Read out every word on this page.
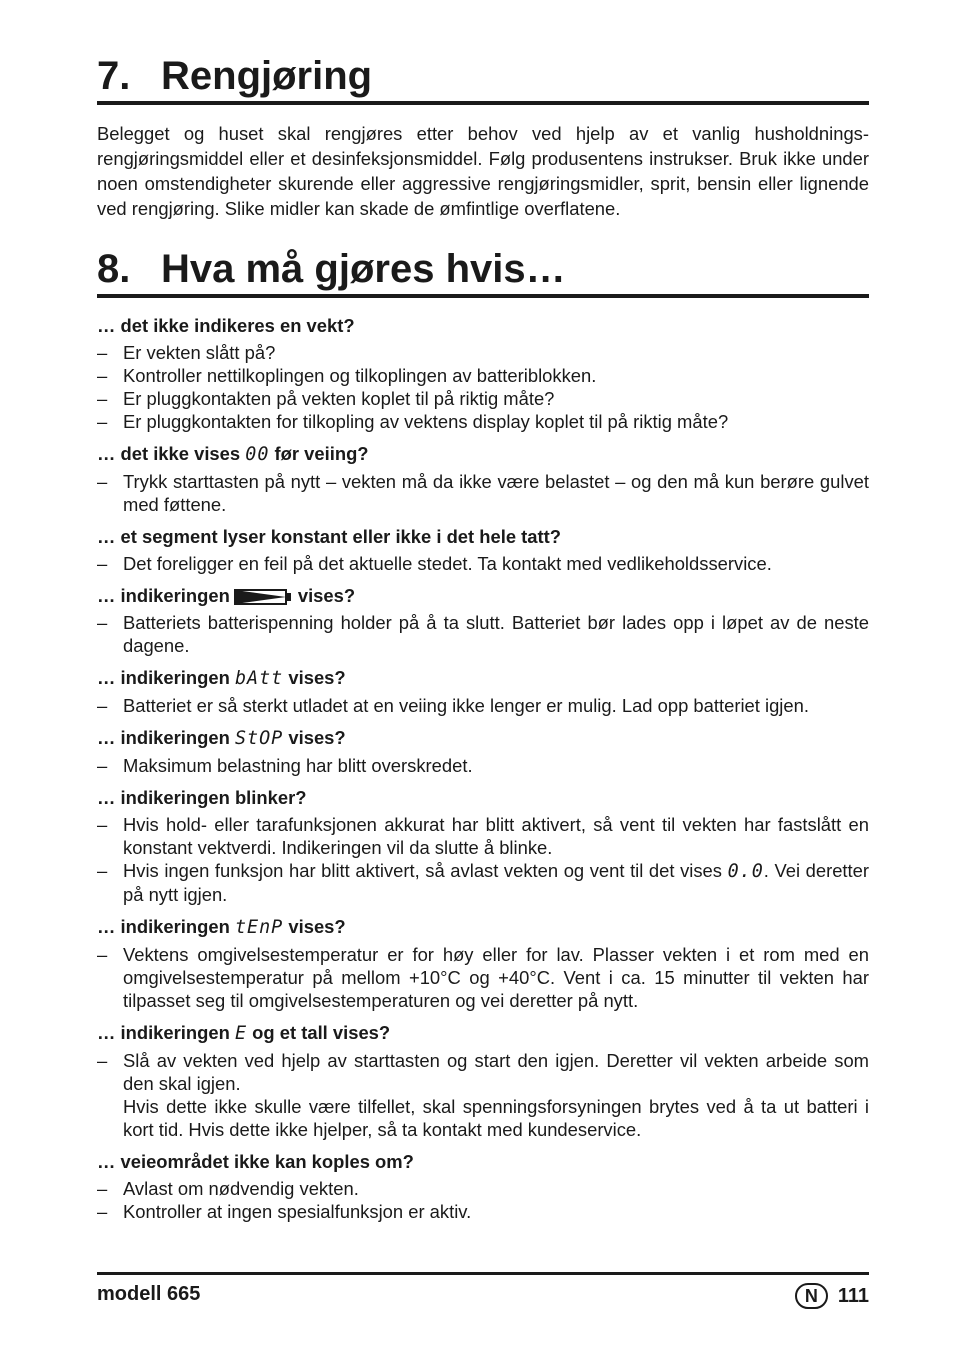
7. Rengjøring

Belegget og huset skal rengjøres etter behov ved hjelp av et vanlig husholdnings-rengjøringsmiddel eller et desinfeksjonsmiddel. Følg produsentens instrukser. Bruk ikke under noen omstendigheter skurende eller aggressive rengjøringsmidler, sprit, bensin eller lignende ved rengjøring. Slike midler kan skade de ømfintlige overflatene.

8. Hva må gjøres hvis…
… det ikke indikeres en vekt?
– Er vekten slått på?
– Kontroller nettilkoplingen og tilkoplingen av batteriblokken.
– Er pluggkontakten på vekten koplet til på riktig måte?
– Er pluggkontakten for tilkopling av vektens display koplet til på riktig måte?
… det ikke vises 00 før veiing?
– Trykk starttasten på nytt – vekten må da ikke være belastet – og den må kun berøre gulvet med føttene.
… et segment lyser konstant eller ikke i det hele tatt?
– Det foreligger en feil på det aktuelle stedet. Ta kontakt med vedlikeholdsservice.
… indikeringen	vises?
– Batteriets batterispenning holder på å ta slutt. Batteriet bør lades opp i løpet av de neste dagene.
… indikeringen bAtt vises?
– Batteriet er så sterkt utladet at en veiing ikke lenger er mulig. Lad opp batteriet igjen.
… indikeringen StOP vises?
– Maksimum belastning har blitt overskredet.
… indikeringen blinker?
– Hvis hold- eller tarafunksjonen akkurat har blitt aktivert, så vent til vekten har fastslått en konstant vektverdi. Indikeringen vil da slutte å blinke.
– Hvis ingen funksjon har blitt aktivert, så avlast vekten og vent til det vises 0.0. Vei deretter på nytt igjen.
… indikeringen tEnP vises?
– Vektens omgivelsestemperatur er for høy eller for lav. Plasser vekten i et rom med en omgivelsestemperatur på mellom +10°C og +40°C. Vent i ca. 15 minutter til vekten har tilpasset seg til omgivelsestemperaturen og vei deretter på nytt.
… indikeringen E og et tall vises?
– Slå av vekten ved hjelp av starttasten og start den igjen. Deretter vil vekten arbeide som den skal igjen.
Hvis dette ikke skulle være tilfellet, skal spenningsforsyningen brytes ved å ta ut batteri i kort tid. Hvis dette ikke hjelper, så ta kontakt med kundeservice.
… veieområdet ikke kan koples om?
– Avlast om nødvendig vekten.
– Kontroller at ingen spesialfunksjon er aktiv.
modell 665	N	111
